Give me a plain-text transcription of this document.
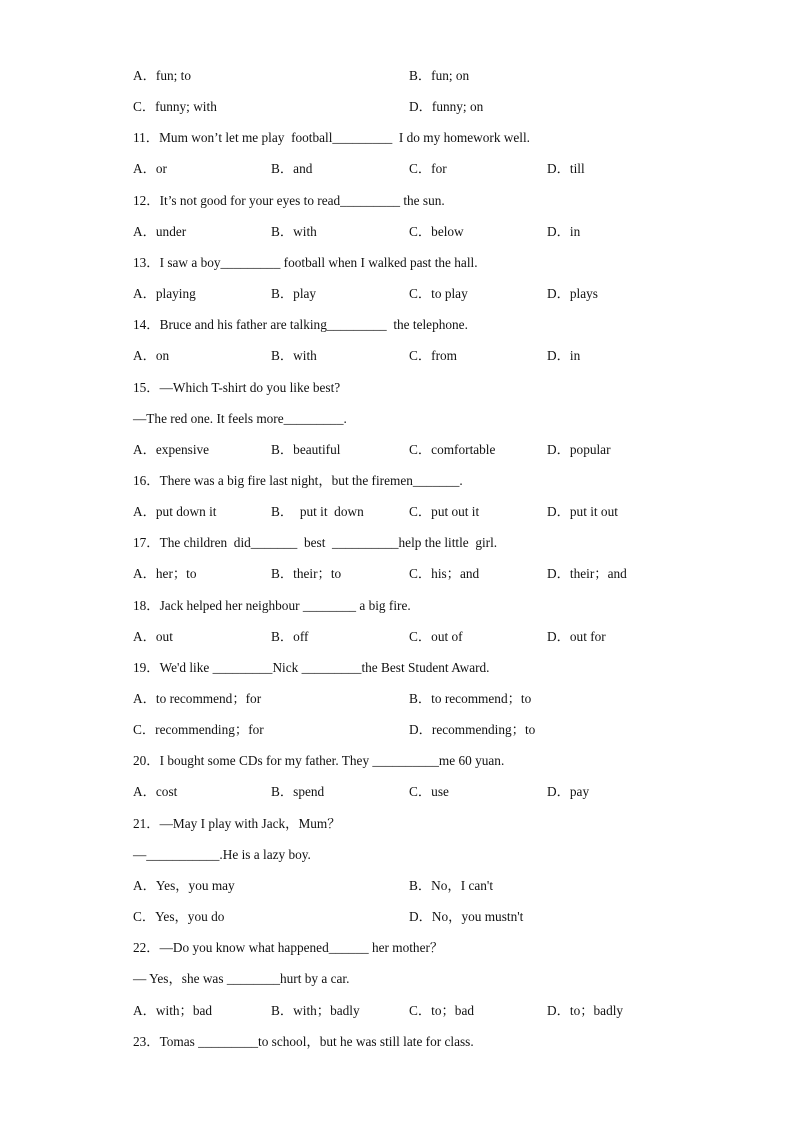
A．fun; to	B．fun; on
C．funny; with	D．funny; on
11．Mum won’t let me play  football_________  I do my homework well.
A．or	B．and	C．for	D．till
12．It’s not good for your eyes to read_________ the sun.
A．under	B．with	C．below	D．in
13．I saw a boy_________ football when I walked past the hall.
A．playing	B．play	C．to play	D．plays
14．Bruce and his father are talking_________  the telephone.
A．on	B．with	C．from	D．in
15．—Which T-shirt do you like best?
—The red one. It feels more_________.
A．expensive	B．beautiful	C．comfortable	D．popular
16．There was a big fire last night，but the firemen_______.
A．put down it	B．  put it  down	C．put out it	D．put it out
17．The children  did_______  best  __________help the little  girl.
A．her；to	B．their；to	C．his；and	D．their；and
18．Jack helped her neighbour ________ a big fire.
A．out	B．off	C．out of	D．out for
19．We'd like _________Nick _________the Best Student Award.
A．to recommend；for	B．to recommend；to
C．recommending；for	D．recommending；to
20．I bought some CDs for my father. They __________me 60 yuan.
A．cost	B．spend	C．use	D．pay
21．—May I play with Jack，Mum？
—___________.He is a lazy boy.
A．Yes，you may	B．No，I can't
C．Yes，you do	D．No，you mustn't
22．—Do you know what happened______ her mother？
— Yes，she was ________hurt by a car.
A．with；bad	B．with；badly	C．to；bad	D．to；badly
23．Tomas _________to school，but he was still late for class.
